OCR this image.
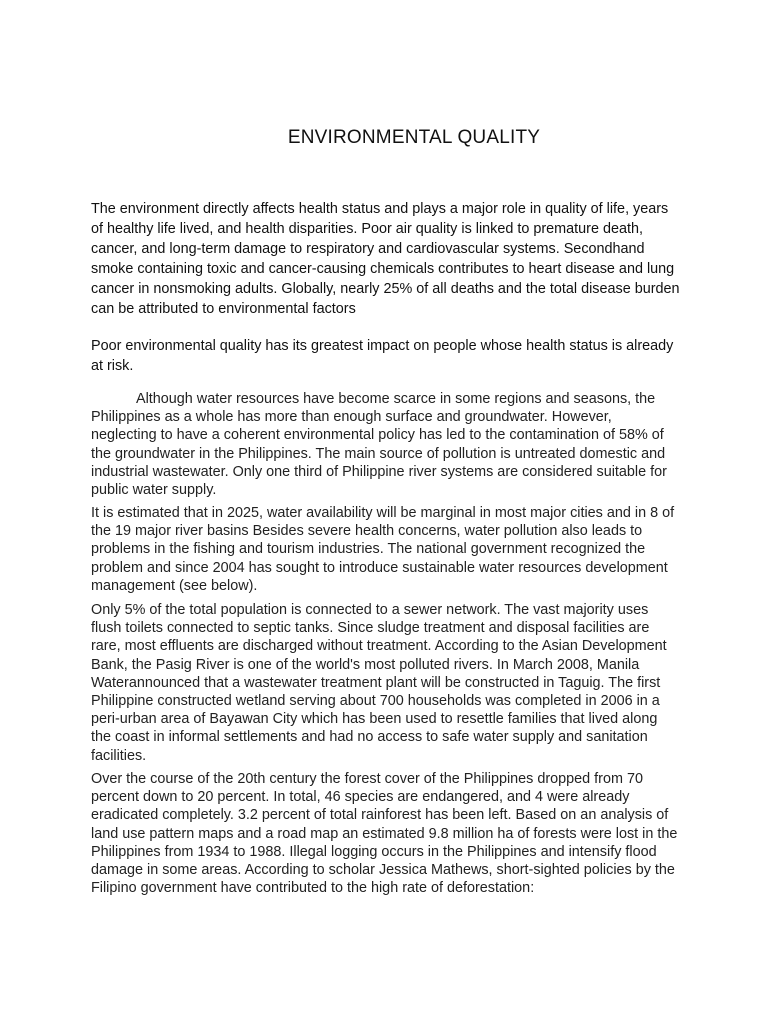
ENVIRONMENTAL QUALITY

The environment directly affects health status and plays a major role in quality of life, years of healthy life lived, and health disparities. Poor air quality is linked to premature death, cancer, and long-term damage to respiratory and cardiovascular systems. Secondhand smoke containing toxic and cancer-causing chemicals contributes to heart disease and lung cancer in nonsmoking adults. Globally, nearly 25% of all deaths and the total disease burden can be attributed to environmental factors

Poor environmental quality has its greatest impact on people whose health status is already at risk.

Although water resources have become scarce in some regions and seasons, the Philippines as a whole has more than enough surface and groundwater. However, neglecting to have a coherent environmental policy has led to the contamination of 58% of the groundwater in the Philippines. The main source of pollution is untreated domestic and industrial wastewater. Only one third of Philippine river systems are considered suitable for public water supply.

It is estimated that in 2025, water availability will be marginal in most major cities and in 8 of the 19 major river basins Besides severe health concerns, water pollution also leads to problems in the fishing and tourism industries. The national government recognized the problem and since 2004 has sought to introduce sustainable water resources development management (see below).

Only 5% of the total population is connected to a sewer network. The vast majority uses flush toilets connected to septic tanks. Since sludge treatment and disposal facilities are rare, most effluents are discharged without treatment. According to the Asian Development Bank, the Pasig River is one of the world's most polluted rivers. In March 2008, Manila Waterannounced that a wastewater treatment plant will be constructed in Taguig. The first Philippine constructed wetland serving about 700 households was completed in 2006 in a peri-urban area of Bayawan City which has been used to resettle families that lived along the coast in informal settlements and had no access to safe water supply and sanitation facilities.

Over the course of the 20th century the forest cover of the Philippines dropped from 70 percent down to 20 percent. In total, 46 species are endangered, and 4 were already eradicated completely. 3.2 percent of total rainforest has been left. Based on an analysis of land use pattern maps and a road map an estimated 9.8 million ha of forests were lost in the Philippines from 1934 to 1988. Illegal logging occurs in the Philippines and intensify flood damage in some areas. According to scholar Jessica Mathews, short-sighted policies by the Filipino government have contributed to the high rate of deforestation:
